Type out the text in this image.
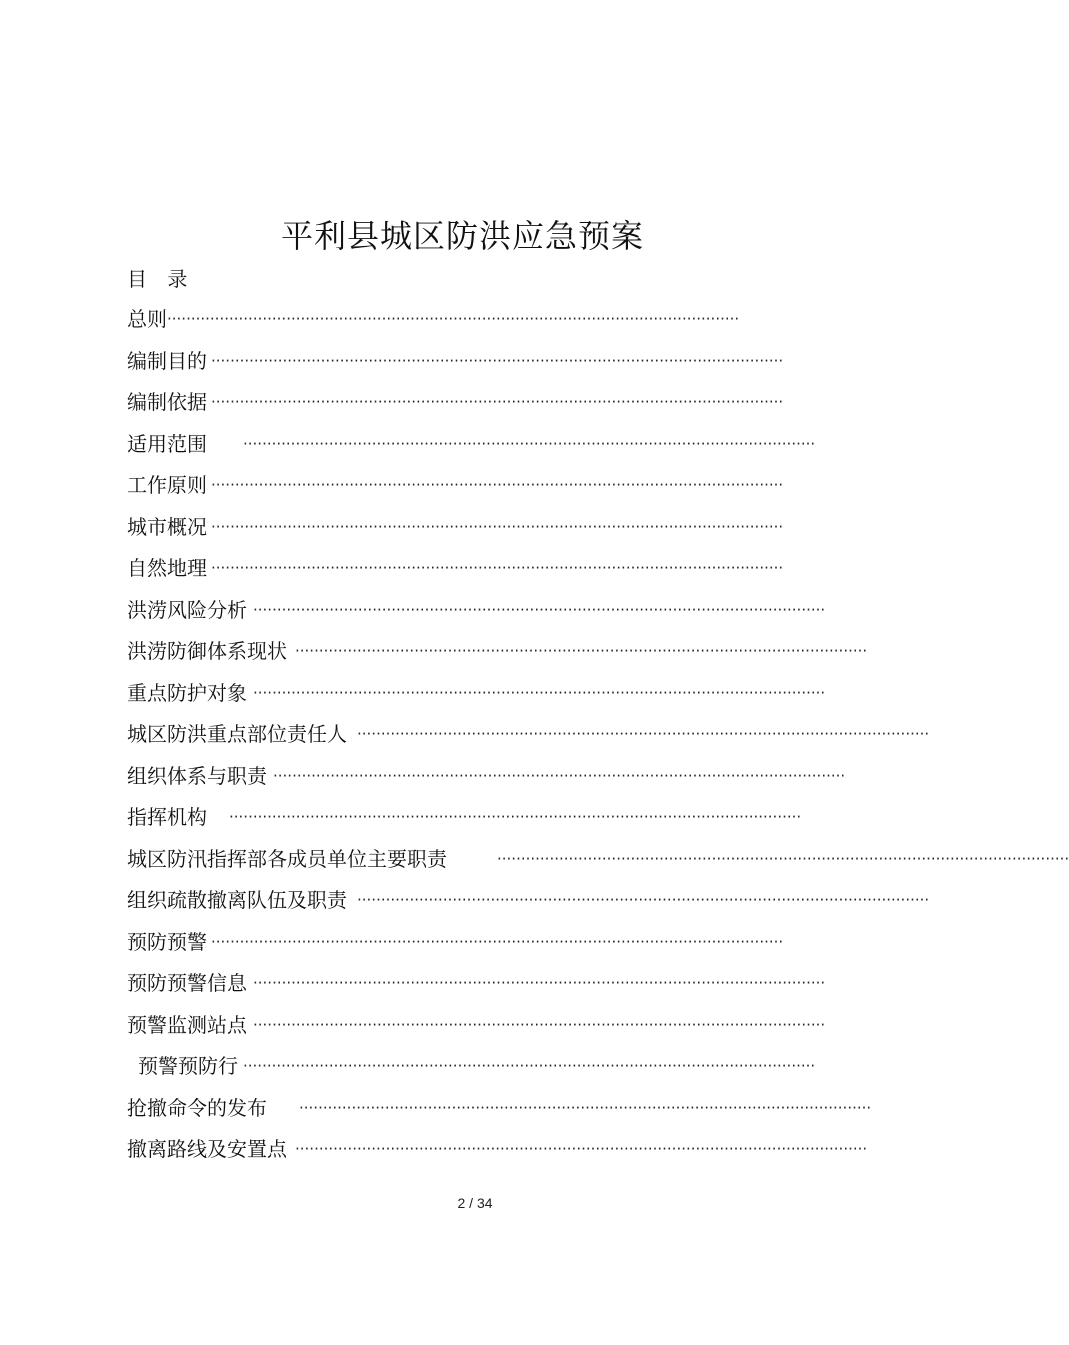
平利县城区防洪应急预案
目 录
总则 ························································································································
编制目的 ························································································································
编制依据 ························································································································
适用范围 ························································································································
工作原则 ························································································································
城市概况 ························································································································
自然地理 ························································································································
洪涝风险分析 ························································································································
洪涝防御体系现状 ························································································································
重点防护对象 ························································································································
城区防洪重点部位责任人 ························································································································
组织体系与职责 ························································································································
指挥机构 ························································································································
城区防汛指挥部各成员单位主要职责	························································································································
组织疏散撤离队伍及职责 ························································································································
预防预警 ························································································································
预防预警信息 ························································································································
预警监测站点 ························································································································
预警预防行 ························································································································
抢撤命令的发布 ························································································································
撤离路线及安置点 ························································································································
2 / 34
